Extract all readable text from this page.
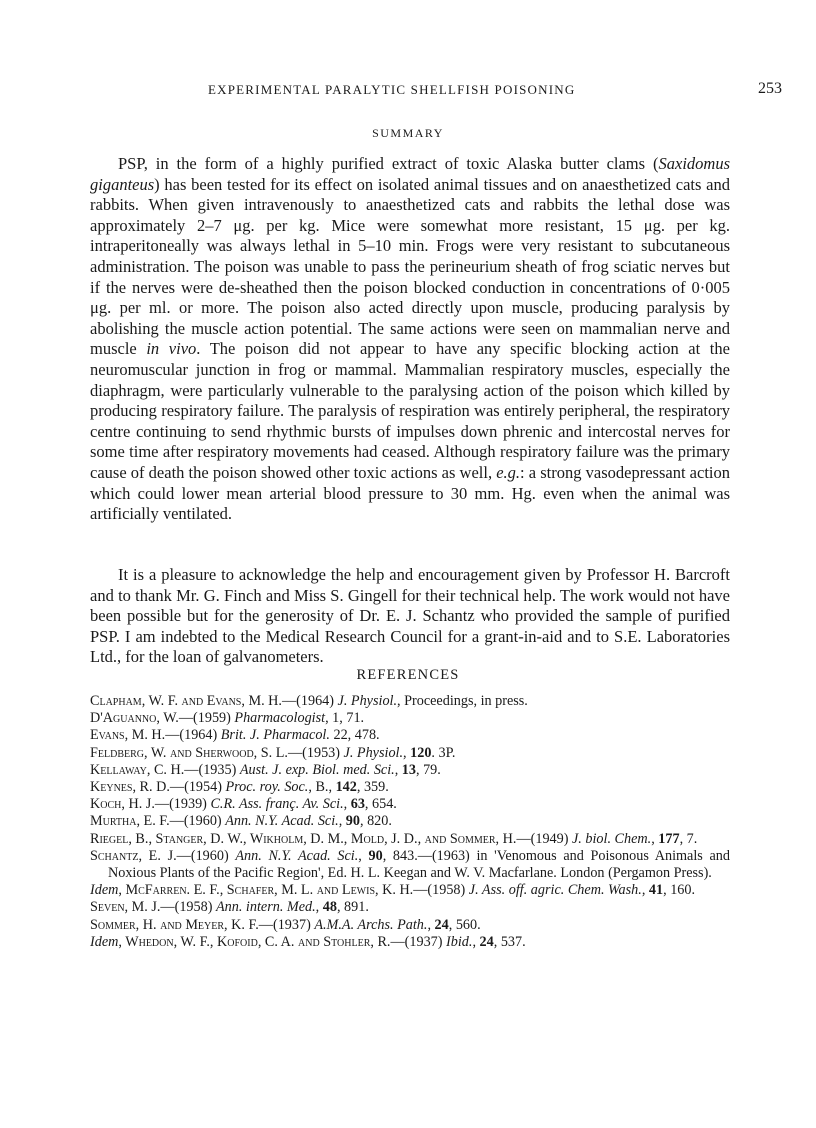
EXPERIMENTAL PARALYTIC SHELLFISH POISONING	253
SUMMARY

PSP, in the form of a highly purified extract of toxic Alaska butter clams (Saxidomus giganteus) has been tested for its effect on isolated animal tissues and on anaesthetized cats and rabbits. When given intravenously to anaesthetized cats and rabbits the lethal dose was approximately 2–7 μg. per kg. Mice were somewhat more resistant, 15 μg. per kg. intraperitoneally was always lethal in 5–10 min. Frogs were very resistant to subcutaneous administration. The poison was unable to pass the perineurium sheath of frog sciatic nerves but if the nerves were de-sheathed then the poison blocked conduction in concentrations of 0·005 μg. per ml. or more. The poison also acted directly upon muscle, producing paralysis by abolishing the muscle action potential. The same actions were seen on mammalian nerve and muscle in vivo. The poison did not appear to have any specific blocking action at the neuromuscular junction in frog or mammal. Mammalian respiratory muscles, especially the diaphragm, were particularly vulnerable to the paralysing action of the poison which killed by producing respiratory failure. The paralysis of respiration was entirely peripheral, the respiratory centre continuing to send rhythmic bursts of impulses down phrenic and intercostal nerves for some time after respiratory movements had ceased. Although respiratory failure was the primary cause of death the poison showed other toxic actions as well, e.g.: a strong vasodepressant action which could lower mean arterial blood pressure to 30 mm. Hg. even when the animal was artificially ventilated.

It is a pleasure to acknowledge the help and encouragement given by Professor H. Barcroft and to thank Mr. G. Finch and Miss S. Gingell for their technical help. The work would not have been possible but for the generosity of Dr. E. J. Schantz who provided the sample of purified PSP. I am indebted to the Medical Research Council for a grant-in-aid and to S.E. Laboratories Ltd., for the loan of galvanometers.

REFERENCES
Clapham, W. F. and Evans, M. H.—(1964) J. Physiol., Proceedings, in press.
D'Aguanno, W.—(1959) Pharmacologist, 1, 71.
Evans, M. H.—(1964) Brit. J. Pharmacol. 22, 478.
Feldberg, W. and Sherwood, S. L.—(1953) J. Physiol., 120. 3P.
Kellaway, C. H.—(1935) Aust. J. exp. Biol. med. Sci., 13, 79.
Keynes, R. D.—(1954) Proc. roy. Soc., B., 142, 359.
Koch, H. J.—(1939) C.R. Ass. franç. Av. Sci., 63, 654.
Murtha, E. F.—(1960) Ann. N.Y. Acad. Sci., 90, 820.
Riegel, B., Stanger, D. W., Wikholm, D. M., Mold, J. D., and Sommer, H.—(1949) J. biol. Chem., 177, 7.
Schantz, E. J.—(1960) Ann. N.Y. Acad. Sci., 90, 843.—(1963) in 'Venomous and Poisonous Animals and Noxious Plants of the Pacific Region', Ed. H. L. Keegan and W. V. Macfarlane. London (Pergamon Press).
Idem, McFarren. E. F., Schafer, M. L. and Lewis, K. H.—(1958) J. Ass. off. agric. Chem. Wash., 41, 160.
Seven, M. J.—(1958) Ann. intern. Med., 48, 891.
Sommer, H. and Meyer, K. F.—(1937) A.M.A. Archs. Path., 24, 560.
Idem, Whedon, W. F., Kofoid, C. A. and Stohler, R.—(1937) Ibid., 24, 537.
